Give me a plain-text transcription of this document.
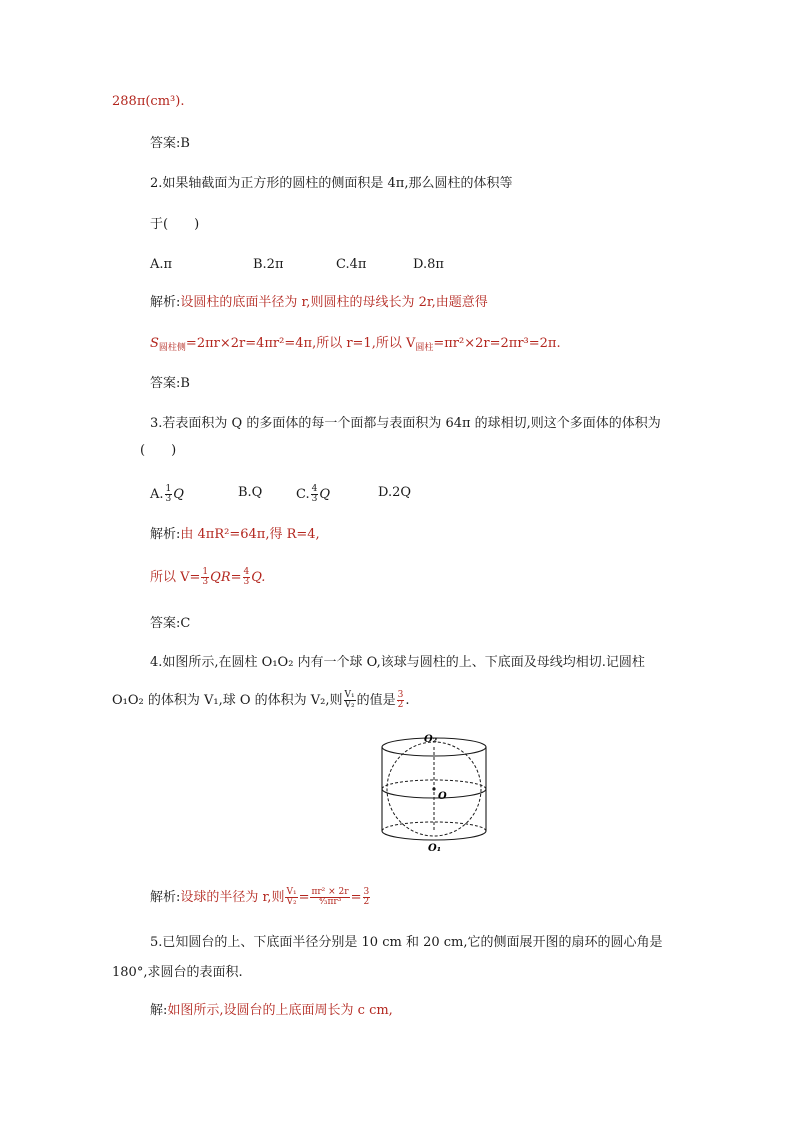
288π(cm³).
答案:B
2.如果轴截面为正方形的圆柱的侧面积是 4π,那么圆柱的体积等
于(　　)
A.π	B.2π	C.4π	D.8π
解析:设圆柱的底面半径为 r,则圆柱的母线长为 2r,由题意得
$S_{圆柱侧}=2\pi r\times 2r=4\pi r^2=4\pi$,所以 r=1,所以 $V_{圆柱}=\pi r^2\times 2r=2\pi r^3=2\pi$.
答案:B
3.若表面积为 Q 的多面体的每一个面都与表面积为 64π 的球相切,则这个多面体的体积为
(　　)
A. $\frac{1}{3}$ Q	B.Q	C. $\frac{4}{3}$ Q	D.2Q
解析:由 4πR²=64π,得 R=4,
所以 $V= \frac{1}{3} QR= \frac{4}{3} Q$.
答案:C
4.如图所示,在圆柱 O₁O₂ 内有一个球 O,该球与圆柱的上、下底面及母线均相切.记圆柱
O₁O₂ 的体积为 V₁,球 O 的体积为 V₂,则 $\frac{\text{V₁}}{\text{V₂}}$ 的值是 $\frac{3}{2}$ .
O₂
O
O₁
解析:设球的半径为 r,则 $\frac{\text{V₁}}{\text{V₂}} = \frac{\text{πr² × 2r}}{\text{⁴⁄₃πr³}} = \frac{3}{2}$
5.已知圆台的上、下底面半径分别是 10 cm 和 20 cm,它的侧面展开图的扇环的圆心角是
180°,求圆台的表面积.
解:如图所示,设圆台的上底面周长为 c cm,
